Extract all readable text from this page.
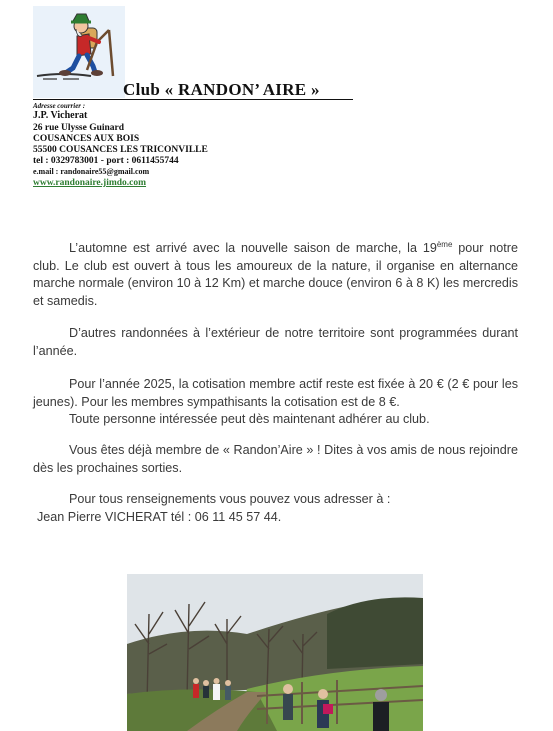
Club « RANDON’ AIRE »
Adresse courrier :
J.P. Vicherat
26 rue Ulysse Guinard
COUSANCES AUX BOIS
55500 COUSANCES LES TRICONVILLE
tel : 0329783001 - port : 0611455744
e.mail : randonaire55@gmail.com
www.randonaire.jimdo.com

L’automne est arrivé avec la nouvelle saison de marche, la 19ème pour notre club. Le club est ouvert à tous les amoureux de la nature, il organise en alternance marche normale (environ 10 à 12 Km) et marche douce (environ 6 à 8 K) les mercredis et samedis.

D’autres randonnées à l’extérieur de notre territoire sont programmées durant l’année.

Pour l’année 2025, la cotisation membre actif reste est fixée à 20 € (2 € pour les jeunes). Pour les membres sympathisants la cotisation est de 8 €.

Toute personne intéressée peut dès maintenant adhérer au club.

Vous êtes déjà membre de « Randon’Aire » ! Dites à vos amis de nous rejoindre dès les prochaines sorties.

Pour tous renseignements vous pouvez vous adresser à :

Jean Pierre VICHERAT tél : 06 11 45 57 44.
